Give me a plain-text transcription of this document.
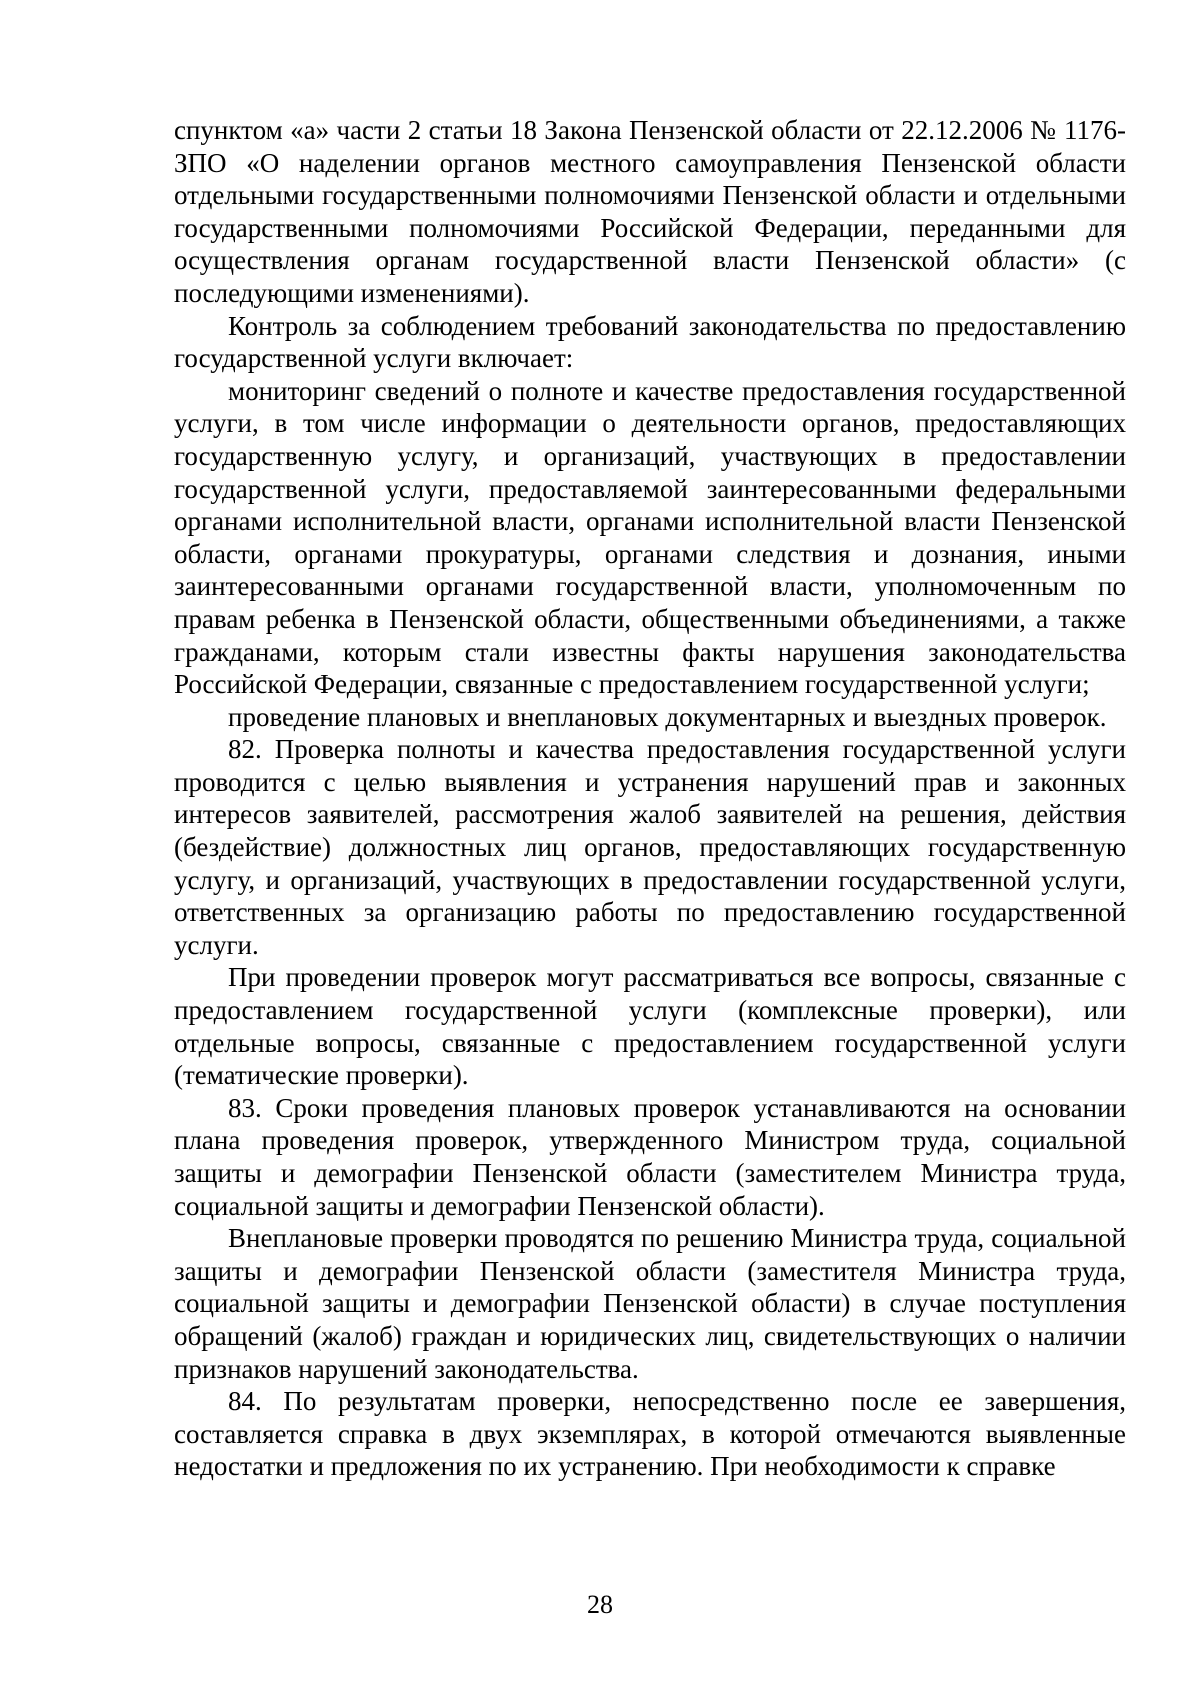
спунктом «а» части 2 статьи 18 Закона Пензенской области от 22.12.2006 № 1176-ЗПО «О наделении органов местного самоуправления Пензенской области отдельными государственными полномочиями Пензенской области и отдельными государственными полномочиями Российской Федерации, переданными для осуществления органам государственной власти Пензенской области» (с последующими изменениями).

Контроль за соблюдением требований законодательства по предоставлению государственной услуги включает:

мониторинг сведений о полноте и качестве предоставления государственной услуги, в том числе информации о деятельности органов, предоставляющих государственную услугу, и организаций, участвующих в предоставлении государственной услуги, предоставляемой заинтересованными федеральными органами исполнительной власти, органами исполнительной власти Пензенской области, органами прокуратуры, органами следствия и дознания, иными заинтересованными органами государственной власти, уполномоченным по правам ребенка в Пензенской области, общественными объединениями, а также гражданами, которым стали известны факты нарушения законодательства Российской Федерации, связанные с предоставлением государственной услуги;

проведение плановых и внеплановых документарных и выездных проверок.

82. Проверка полноты и качества предоставления государственной услуги проводится с целью выявления и устранения нарушений прав и законных интересов заявителей, рассмотрения жалоб заявителей на решения, действия (бездействие) должностных лиц органов, предоставляющих государственную услугу, и организаций, участвующих в предоставлении государственной услуги, ответственных за организацию работы по предоставлению государственной услуги.

При проведении проверок могут рассматриваться все вопросы, связанные с предоставлением государственной услуги (комплексные проверки), или отдельные вопросы, связанные с предоставлением государственной услуги (тематические проверки).

83. Сроки проведения плановых проверок устанавливаются на основании плана проведения проверок, утвержденного Министром труда, социальной защиты и демографии Пензенской области (заместителем Министра труда, социальной защиты и демографии Пензенской области).

Внеплановые проверки проводятся по решению Министра труда, социальной защиты и демографии Пензенской области (заместителя Министра труда, социальной защиты и демографии Пензенской области) в случае поступления обращений (жалоб) граждан и юридических лиц, свидетельствующих о наличии признаков нарушений законодательства.

84. По результатам проверки, непосредственно после ее завершения, составляется справка в двух экземплярах, в которой отмечаются выявленные недостатки и предложения по их устранению. При необходимости к справке

28
